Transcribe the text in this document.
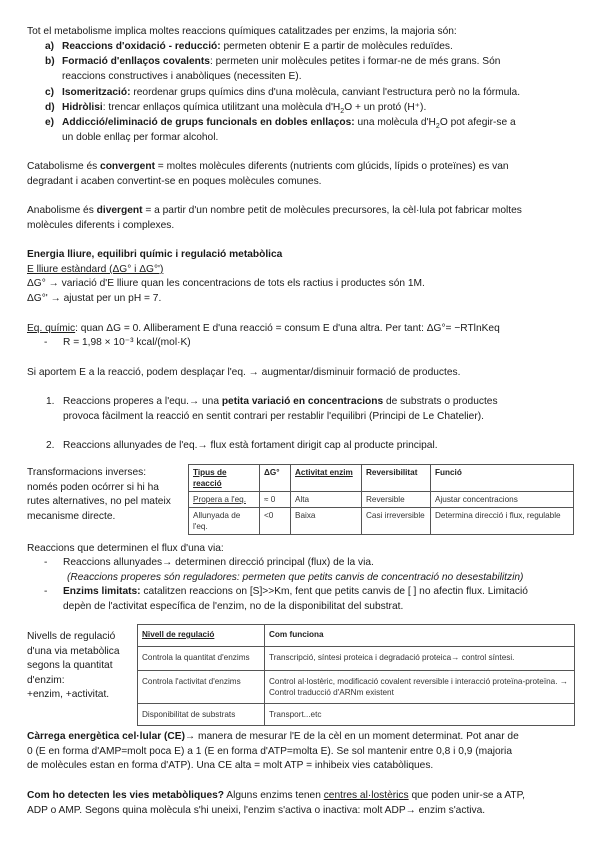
Tot el metabolisme implica moltes reaccions químiques catalitzades per enzims, la majoria són:
a) Reaccions d'oxidació - reducció: permeten obtenir E a partir de molècules reduïdes.
b) Formació d'enllaços covalents: permeten unir molècules petites i formar-ne de més grans. Són
reaccions constructives i anabòliques (necessiten E).
c) Isomerització: reordenar grups químics dins d'una molècula, canviant l'estructura però no la fórmula.
d) Hidròlisi: trencar enllaços química utilitzant una molècula $d'H_2O$ + un protó (H⁺).
e) Addicció/eliminació de grups funcionals en dobles enllaços: una molècula $d'H_2O$ pot afegir-se a
un doble enllaç per formar alcohol.
Catabolisme és convergent = moltes molècules diferents (nutrients com glúcids, lípids o proteïnes) es van
degradant i acaben convertint-se en poques molècules comunes.
Anabolisme és divergent = a partir d'un nombre petit de molècules precursores, la cèl·lula pot fabricar moltes
molècules diferents i complexes.
Energia lliure, equilibri químic i regulació metabòlica
E lliure estàndard (ΔG° i ΔG°')
ΔG° → variació d'E lliure quan les concentracions de tots els ractius i productes són 1M.
ΔG°' → ajustat per un pH = 7.
Eq. químic: quan ΔG = 0. Alliberament E d'una reacció = consum E d'una altra. Per tant: ΔG°= −RTlnKeq
- R = 1,98 × 10⁻³ kcal/(mol·K)
Si aportem E a la reacció, podem desplaçar l'eq. → augmentar/disminuir formació de productes.
1. Reaccions properes a l'equ.→ una petita variació en concentracions de substrats o productes
provoca fàcilment la reacció en sentit contrari per restablir l'equilibri (Principi de Le Chatelier).
2. Reaccions allunyades de l'eq.→ flux està fortament dirigit cap al producte principal.
Transformacions inverses:
només poden ocórrer si hi ha
rutes alternatives, no pel mateix
mecanisme directe.
Tipus de reacció	ΔG°	Activitat enzim	Reversibilitat	Funció
Propera a l'eq.	≈ 0	Alta	Reversible	Ajustar concentracions
Allunyada de l'eq.	<0	Baixa	Casi irreversible	Determina direcció i flux, regulable
Reaccions que determinen el flux d'una via:
- Reaccions allunyades→ determinen direcció principal (flux) de la via.
(Reaccions properes són reguladores: permeten que petits canvis de concentració no desestabilitzin)
- Enzims limitats: catalitzen reaccions on [S]>>Km, fent que petits canvis de [ ] no afectin flux. Limitació
depèn de l'activitat específica de l'enzim, no de la disponibilitat del substrat.
Nivells de regulació
d'una via metabòlica
segons la quantitat
d'enzim:
+enzim, +activitat.
Nivell de regulació	Com funciona
Controla la quantitat d'enzims	Transcripció, síntesi proteica i degradació proteica→ control síntesi.
Controla l'activitat d'enzims	Control al·lostèric, modificació covalent reversible i interacció proteïna-proteïna. → Control traducció d'ARNm existent
Disponibilitat de substrats	Transport...etc
Càrrega energètica cel·lular (CE)→ manera de mesurar l'E de la cèl en un moment determinat. Pot anar de
0 (E en forma d'AMP=molt poca E) a 1 (E en forma d'ATP=molta E). Se sol mantenir entre 0,8 i 0,9 (majoria
de molècules estan en forma d'ATP). Una CE alta = molt ATP = inhibeix vies catabòliques.
Com ho detecten les vies metabòliques? Alguns enzims tenen centres al·lostèrics que poden unir-se a ATP,
ADP o AMP. Segons quina molècula s'hi uneixi, l'enzim s'activa o inactiva: molt ADP→ enzim s'activa.
